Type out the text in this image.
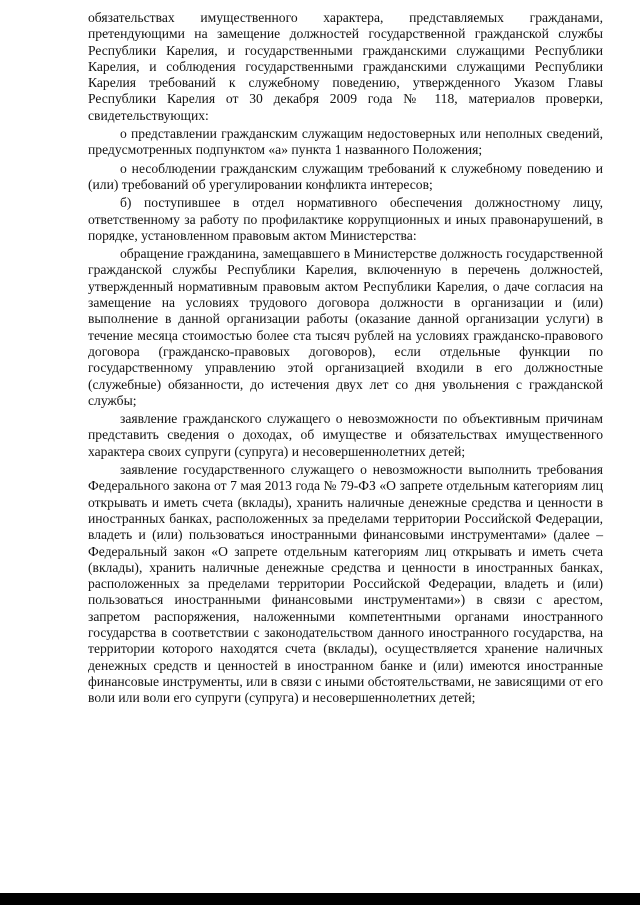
обязательствах имущественного характера, представляемых гражданами, претендующими на замещение должностей государственной гражданской службы Республики Карелия, и государственными гражданскими служащими Республики Карелия, и соблюдения государственными гражданскими служащими Республики Карелия требований к служебному поведению, утвержденного Указом Главы Республики Карелия от 30 декабря 2009 года № 118, материалов проверки, свидетельствующих:

о представлении гражданским служащим недостоверных или неполных сведений, предусмотренных подпунктом «а» пункта 1 названного Положения;

о несоблюдении гражданским служащим требований к служебному поведению и (или) требований об урегулировании конфликта интересов;

б) поступившее в отдел нормативного обеспечения должностному лицу, ответственному за работу по профилактике коррупционных и иных правонарушений, в порядке, установленном правовым актом Министерства:

обращение гражданина, замещавшего в Министерстве должность государственной гражданской службы Республики Карелия, включенную в перечень должностей, утвержденный нормативным правовым актом Республики Карелия, о даче согласия на замещение на условиях трудового договора должности в организации и (или) выполнение в данной организации работы (оказание данной организации услуги) в течение месяца стоимостью более ста тысяч рублей на условиях гражданско-правового договора (гражданско-правовых договоров), если отдельные функции по государственному управлению этой организацией входили в его должностные (служебные) обязанности, до истечения двух лет со дня увольнения с гражданской службы;

заявление гражданского служащего о невозможности по объективным причинам представить сведения о доходах, об имуществе и обязательствах имущественного характера своих супруги (супруга) и несовершеннолетних детей;

заявление государственного служащего о невозможности выполнить требования Федерального закона от 7 мая 2013 года № 79-ФЗ «О запрете отдельным категориям лиц открывать и иметь счета (вклады), хранить наличные денежные средства и ценности в иностранных банках, расположенных за пределами территории Российской Федерации, владеть и (или) пользоваться иностранными финансовыми инструментами» (далее – Федеральный закон «О запрете отдельным категориям лиц открывать и иметь счета (вклады), хранить наличные денежные средства и ценности в иностранных банках, расположенных за пределами территории Российской Федерации, владеть и (или) пользоваться иностранными финансовыми инструментами») в связи с арестом, запретом распоряжения, наложенными компетентными органами иностранного государства в соответствии с законодательством данного иностранного государства, на территории которого находятся счета (вклады), осуществляется хранение наличных денежных средств и ценностей в иностранном банке и (или) имеются иностранные финансовые инструменты, или в связи с иными обстоятельствами, не зависящими от его воли или воли его супруги (супруга) и несовершеннолетних детей;
